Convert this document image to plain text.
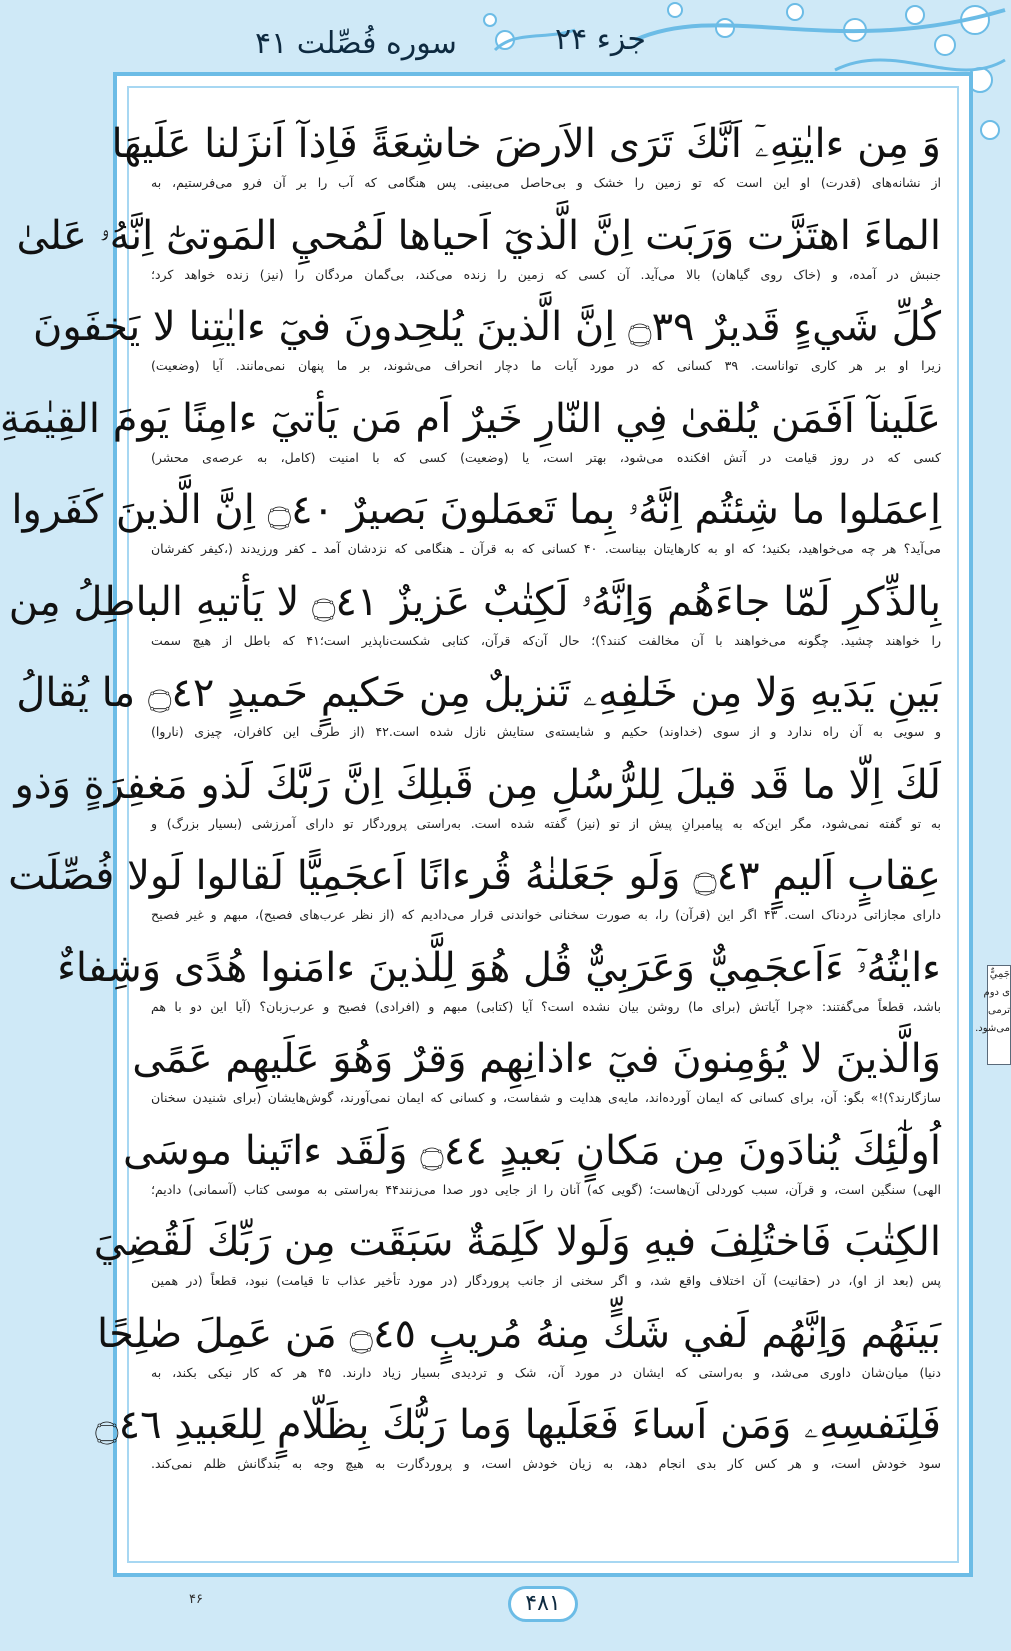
جزء ۲۴
سوره فُصِّلت ۴۱
وَ مِن ءايٰتِهِۦٓ اَنَّكَ تَرَى الاَرضَ خاشِعَةً فَاِذآ اَنزَلنا عَلَيهَا
از نشانه‌های (قدرت) او این است که تو زمین را خشک و بی‌حاصل می‌بینی. پس هنگامی که آب را بر آن فرو می‌فرستیم، به
الماءَ اهتَزَّت وَرَبَت اِنَّ الَّذيٓ اَحياها لَمُحيِ المَوتىٰٓ اِنَّهُۥ عَلىٰ
جنبش در آمده، و (خاک روی گیاهان) بالا می‌آید. آن کسی که زمین را زنده می‌کند، بی‌گمان مردگان را (نیز) زنده خواهد کرد؛
كُلِّ شَيءٍ قَديرٌ ۝٣٩ اِنَّ الَّذينَ يُلحِدونَ فيٓ ءايٰتِنا لا يَخفَونَ
زیرا او بر هر کاری تواناست. ۳۹ کسانی که در مورد آیات ما دچار انحراف می‌شوند، بر ما پنهان نمی‌مانند. آیا (وضعیت)
عَلَينآ اَفَمَن يُلقىٰ فِي النّارِ خَيرٌ اَم مَن يَأتيٓ ءامِنًا يَومَ القِيٰمَةِ
کسی که در روز قیامت در آتش افکنده می‌شود، بهتر است، یا (وضعیت) کسی که با امنیت (کامل، به عرصه‌ی محشر)
اِعمَلوا ما شِئتُم اِنَّهُۥ بِما تَعمَلونَ بَصيرٌ ۝٤٠ اِنَّ الَّذينَ كَفَروا
می‌آید؟ هر چه می‌خواهید، بکنید؛ که او به کارهایتان بیناست. ۴۰ کسانی که به قرآن ـ هنگامی که نزدشان آمد ـ کفر ورزیدند (،کیفر کفرشان
بِالذِّكرِ لَمّا جاءَهُم وَاِنَّهُۥ لَكِتٰبٌ عَزيزٌ ۝٤١ لا يَأتيهِ الباطِلُ مِن
را خواهند چشید. چگونه می‌خواهند با آن مخالفت کنند؟)؛ حال آن‌که قرآن، کتابی شکست‌ناپذیر است؛۴۱ که باطل از هیچ سمت
بَينِ يَدَيهِ وَلا مِن خَلفِهِۦ تَنزيلٌ مِن حَكيمٍ حَميدٍ ۝٤٢ ما يُقالُ
و سویی به آن راه ندارد و از سوی (خداوند) حکیم و شایسته‌ی ستایش نازل شده است.۴۲ (از طرف این کافران، چیزی (ناروا)
لَكَ اِلّا ما قَد قيلَ لِلرُّسُلِ مِن قَبلِكَ اِنَّ رَبَّكَ لَذو مَغفِرَةٍ وَذو
به تو گفته نمی‌شود، مگر این‌که به پیامبرانِ پیش از تو (نیز) گفته شده است. به‌راستی پروردگار تو دارای آمرزشی (بسیار بزرگ) و
عِقابٍ اَليمٍ ۝٤٣ وَلَو جَعَلنٰهُ قُرءانًا اَعجَمِيًّا لَقالوا لَولا فُصِّلَت
دارای مجازاتی دردناک است. ۴۳ اگر این (قرآن) را، به صورت سخنانی خواندنی قرار می‌دادیم که (از نظر عرب‌های فصیح)، مبهم و غیر فصیح
ءايٰتُهُۥٓ ءَاَعجَمِيٌّ وَعَرَبِيٌّ قُل هُوَ لِلَّذينَ ءامَنوا هُدًى وَشِفاءٌ
باشد، قطعاً می‌گفتند: «چرا آیاتش (برای ما) روشن بیان نشده است؟ آیا (کتابی) مبهم و (افرادی) فصیح و عرب‌زبان؟ (آیا این دو با هم
وَالَّذينَ لا يُؤمِنونَ فيٓ ءاذانِهِم وَقرٌ وَهُوَ عَلَيهِم عَمًى
سازگارند؟)!» بگو: آن، برای کسانی که ایمان آورده‌اند، مایه‌ی هدایت و شفاست، و کسانی که ایمان نمی‌آورند، گوش‌هایشان (برای شنیدن سخنان
اُولٰٓئِكَ يُنادَونَ مِن مَكانٍ بَعيدٍ ۝٤٤ وَلَقَد ءاتَينا موسَى
الهی) سنگین است، و قرآن، سبب کوردلی آن‌هاست؛ (گویی که) آنان را از جایی دور صدا می‌زنند۴۴ به‌راستی به موسی کتاب (آسمانی) دادیم؛
الكِتٰبَ فَاختُلِفَ فيهِ وَلَولا كَلِمَةٌ سَبَقَت مِن رَبِّكَ لَقُضِيَ
پس (بعد از او)، در (حقانیت) آن اختلاف واقع شد، و اگر سخنی از جانب پروردگار (در مورد تأخیر عذاب تا قیامت) نبود، قطعاً (در همین
بَينَهُم وَاِنَّهُم لَفي شَكٍّ مِنهُ مُريبٍ ۝٤٥ مَن عَمِلَ صٰلِحًا
دنیا) میان‌شان داوری می‌شد، و به‌راستی که ایشان در مورد آن، شک و تردیدی بسیار زیاد دارند. ۴۵ هر که کار نیکی بکند، به
فَلِنَفسِهِۦ وَمَن اَساءَ فَعَلَيها وَما رَبُّكَ بِظَلّامٍ لِلعَبيدِ ۝٤٦
سود خودش است، و هر کس کار بدی انجام دهد، به زیان خودش است، و پروردگارت به هیچ وجه به بندگانش ظلم نمی‌کند.
۴۶
جَمِيٌّ
ی دوم
ترمی
می‌شود.
۴۸۱
